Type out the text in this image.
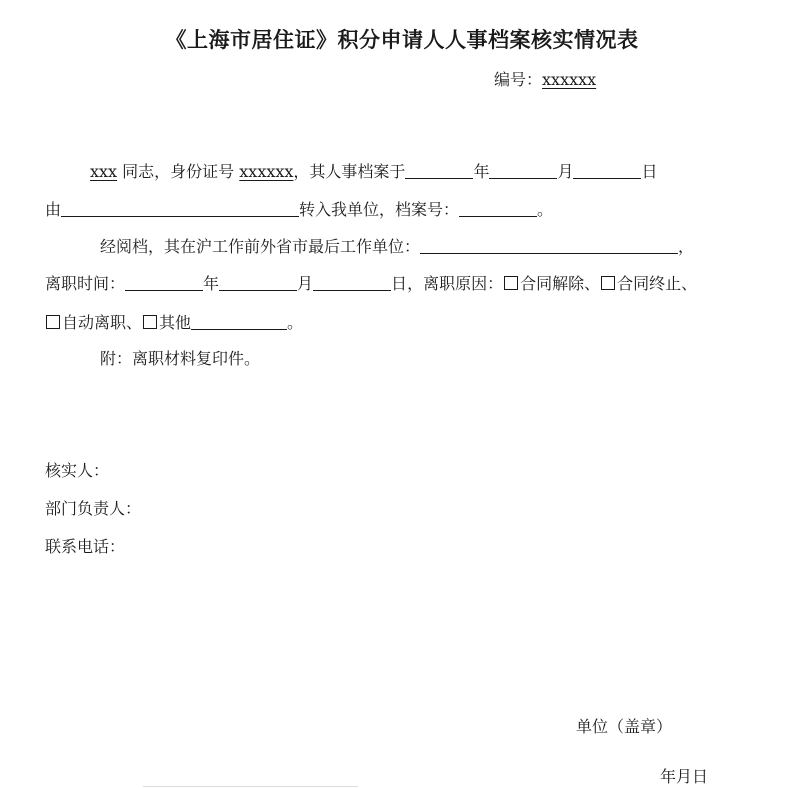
《上海市居住证》积分申请人人事档案核实情况表
编号：xxxxxx
xxx 同志，身份证号 xxxxxx，其人事档案于	年	月	日
由	转入我单位，档案号：	。
经阅档，其在沪工作前外省市最后工作单位：	，
离职时间：	年	月	日，离职原因： 合同解除、 合同终止、
自动离职、 其他	。
附：离职材料复印件。
核实人：
部门负责人：
联系电话：
单位（盖章）
年月日
